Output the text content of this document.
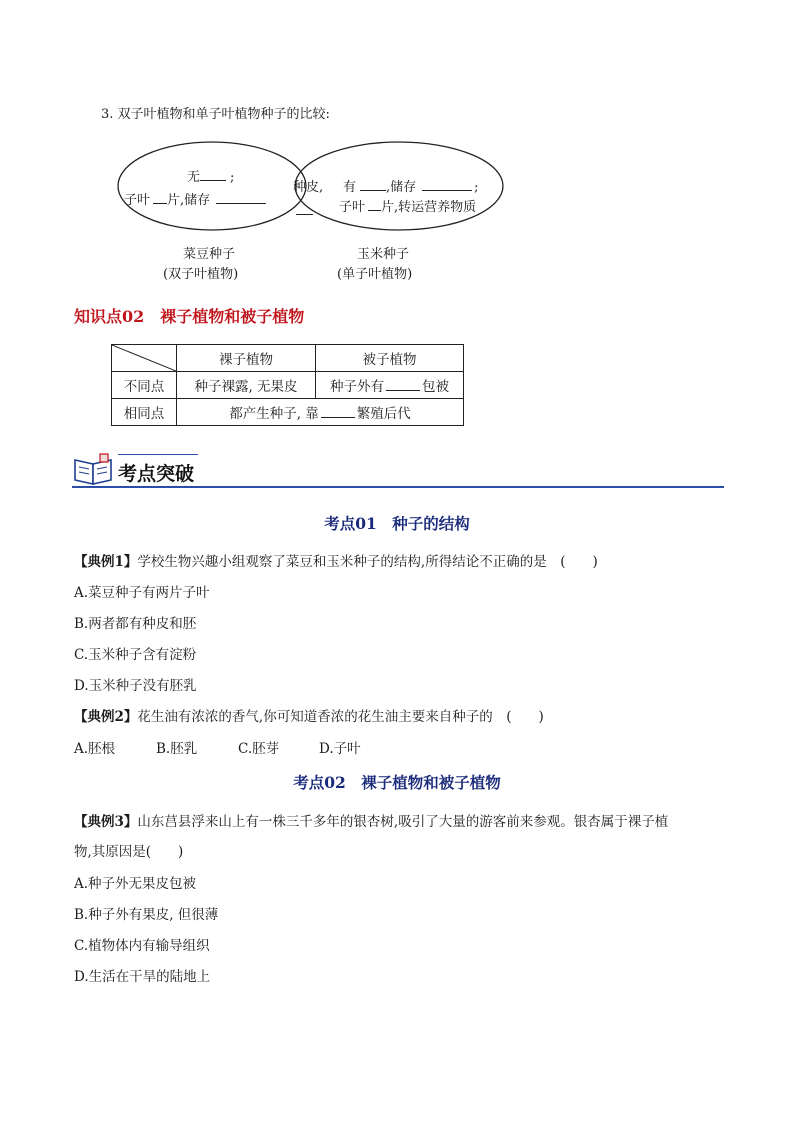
3. 双子叶植物和单子叶植物种子的比较:
无 ;
子叶 片,储存
种皮, 有 ,储存	;
子叶 片,转运营养物质
菜豆种子
(双子叶植物)
玉米种子
(单子叶植物)
知识点02　裸子植物和被子植物
	裸子植物	被子植物
不同点	种子裸露, 无果皮	种子外有 包被
相同点	都产生种子, 靠 繁殖后代	
考点突破
考点01　种子的结构
【典例1】学校生物兴趣小组观察了菜豆和玉米种子的结构,所得结论不正确的是　(　　)
A.菜豆种子有两片子叶
B.两者都有种皮和胚
C.玉米种子含有淀粉
D.玉米种子没有胚乳
【典例2】花生油有浓浓的香气,你可知道香浓的花生油主要来自种子的　(　　)
A.胚根	B.胚乳	C.胚芽	D.子叶
考点02　裸子植物和被子植物
【典例3】山东莒县浮来山上有一株三千多年的银杏树,吸引了大量的游客前来参观。银杏属于裸子植
物,其原因是(　　)
A.种子外无果皮包被
B.种子外有果皮, 但很薄
C.植物体内有输导组织
D.生活在干旱的陆地上
